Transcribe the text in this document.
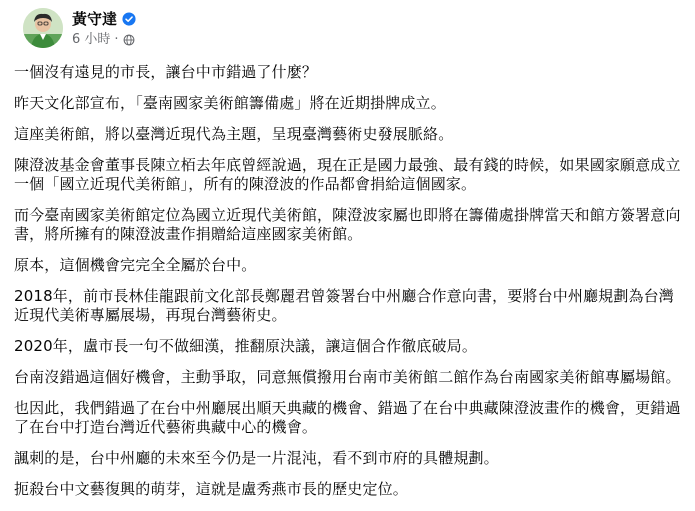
黃守達
6 小時 ·

一個沒有遠見的市長，讓台中市錯過了什麼？

昨天文化部宣布，「臺南國家美術館籌備處」將在近期掛牌成立。

這座美術館，將以臺灣近現代為主題，呈現臺灣藝術史發展脈絡。

陳澄波基金會董事長陳立栢去年底曾經說過，現在正是國力最強、最有錢的時候，如果國家願意成立一個「國立近現代美術館」，所有的陳澄波的作品都會捐給這個國家。

而今臺南國家美術館定位為國立近現代美術館，陳澄波家屬也即將在籌備處掛牌當天和館方簽署意向書，將所擁有的陳澄波畫作捐贈給這座國家美術館。

原本，這個機會完完全全屬於台中。

2018年，前市長林佳龍跟前文化部長鄭麗君曾簽署台中州廳合作意向書，要將台中州廳規劃為台灣近現代美術專屬展場，再現台灣藝術史。

2020年，盧市長一句不做細漢，推翻原決議，讓這個合作徹底破局。

台南沒錯過這個好機會，主動爭取，同意無償撥用台南市美術館二館作為台南國家美術館專屬場館。

也因此，我們錯過了在台中州廳展出順天典藏的機會、錯過了在台中典藏陳澄波畫作的機會，更錯過了在台中打造台灣近代藝術典藏中心的機會。

諷刺的是，台中州廳的未來至今仍是一片混沌，看不到市府的具體規劃。

扼殺台中文藝復興的萌芽，這就是盧秀燕市長的歷史定位。
